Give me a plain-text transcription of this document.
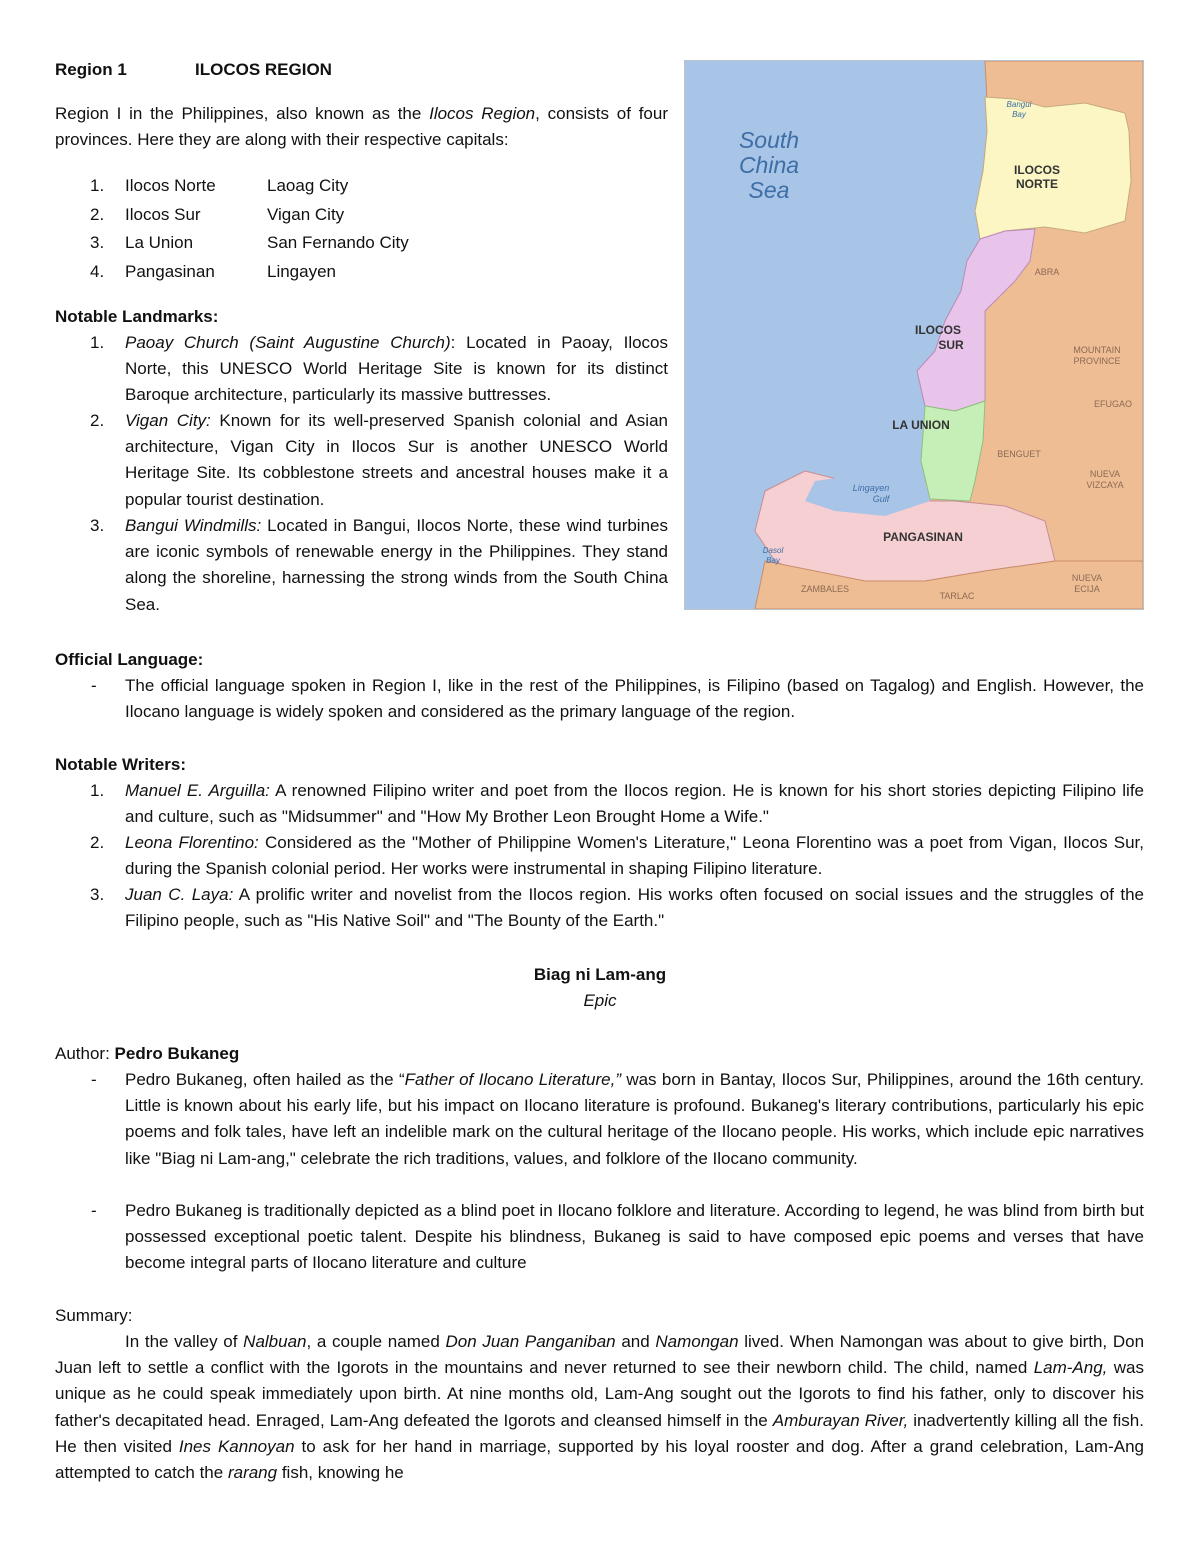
Region 1	ILOCOS REGION
Region I in the Philippines, also known as the Ilocos Region, consists of four provinces. Here they are along with their respective capitals:
1.	Ilocos Norte	Laoag City
2.	Ilocos Sur	Vigan City
3.	La Union	San Fernando City
4.	Pangasinan	Lingayen
Notable Landmarks:
1.	Paoay Church (Saint Augustine Church): Located in Paoay, Ilocos Norte, this UNESCO World Heritage Site is known for its distinct Baroque architecture, particularly its massive buttresses.
2.	Vigan City: Known for its well-preserved Spanish colonial and Asian architecture, Vigan City in Ilocos Sur is another UNESCO World Heritage Site. Its cobblestone streets and ancestral houses make it a popular tourist destination.
3.	Bangui Windmills: Located in Bangui, Ilocos Norte, these wind turbines are iconic symbols of renewable energy in the Philippines. They stand along the shoreline, harnessing the strong winds from the South China Sea.
South
China
Sea
Bangui
Bay
ILOCOS
NORTE
ILOCOS
SUR
LA UNION
PANGASINAN
ABRA
MOUNTAIN
PROVINCE
EFUGAO
BENGUET
NUEVA
VIZCAYA
Lingayen
Gulf
Dasol
Bay
ZAMBALES
TARLAC
NUEVA
ECIJA
Official Language:
- The official language spoken in Region I, like in the rest of the Philippines, is Filipino (based on Tagalog) and English. However, the Ilocano language is widely spoken and considered as the primary language of the region.
Notable Writers:
1.	Manuel E. Arguilla: A renowned Filipino writer and poet from the Ilocos region. He is known for his short stories depicting Filipino life and culture, such as "Midsummer" and "How My Brother Leon Brought Home a Wife."
2.	Leona Florentino: Considered as the "Mother of Philippine Women's Literature," Leona Florentino was a poet from Vigan, Ilocos Sur, during the Spanish colonial period. Her works were instrumental in shaping Filipino literature.
3.	Juan C. Laya: A prolific writer and novelist from the Ilocos region. His works often focused on social issues and the struggles of the Filipino people, such as "His Native Soil" and "The Bounty of the Earth."
Biag ni Lam-ang
Epic
Author: Pedro Bukaneg
- Pedro Bukaneg, often hailed as the “Father of Ilocano Literature,” was born in Bantay, Ilocos Sur, Philippines, around the 16th century. Little is known about his early life, but his impact on Ilocano literature is profound. Bukaneg's literary contributions, particularly his epic poems and folk tales, have left an indelible mark on the cultural heritage of the Ilocano people. His works, which include epic narratives like "Biag ni Lam-ang," celebrate the rich traditions, values, and folklore of the Ilocano community.
- Pedro Bukaneg is traditionally depicted as a blind poet in Ilocano folklore and literature. According to legend, he was blind from birth but possessed exceptional poetic talent. Despite his blindness, Bukaneg is said to have composed epic poems and verses that have become integral parts of Ilocano literature and culture
Summary:
In the valley of Nalbuan, a couple named Don Juan Panganiban and Namongan lived. When Namongan was about to give birth, Don Juan left to settle a conflict with the Igorots in the mountains and never returned to see their newborn child. The child, named Lam-Ang, was unique as he could speak immediately upon birth. At nine months old, Lam-Ang sought out the Igorots to find his father, only to discover his father's decapitated head. Enraged, Lam-Ang defeated the Igorots and cleansed himself in the Amburayan River, inadvertently killing all the fish. He then visited Ines Kannoyan to ask for her hand in marriage, supported by his loyal rooster and dog. After a grand celebration, Lam-Ang attempted to catch the rarang fish, knowing he
